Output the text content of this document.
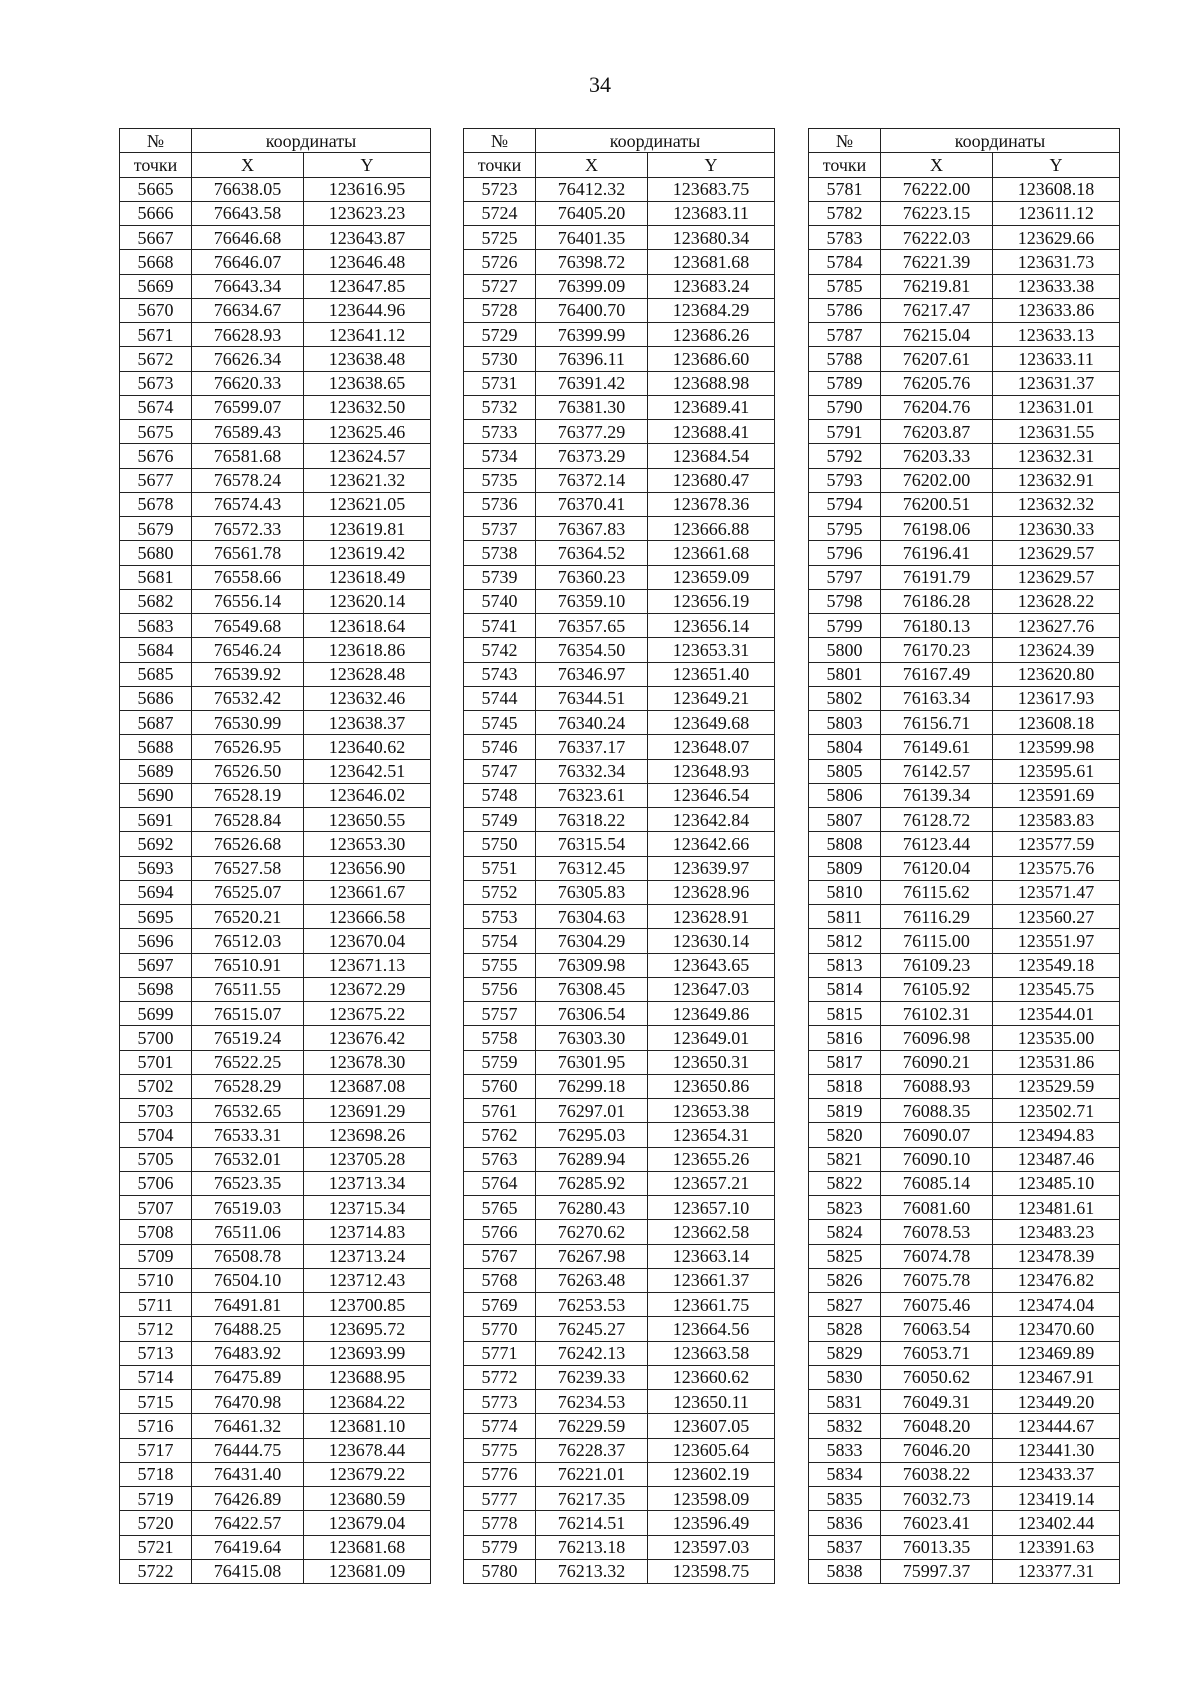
34
№	координаты	
точки	X	Y
5665	76638.05	123616.95
5666	76643.58	123623.23
5667	76646.68	123643.87
5668	76646.07	123646.48
5669	76643.34	123647.85
5670	76634.67	123644.96
5671	76628.93	123641.12
5672	76626.34	123638.48
5673	76620.33	123638.65
5674	76599.07	123632.50
5675	76589.43	123625.46
5676	76581.68	123624.57
5677	76578.24	123621.32
5678	76574.43	123621.05
5679	76572.33	123619.81
5680	76561.78	123619.42
5681	76558.66	123618.49
5682	76556.14	123620.14
5683	76549.68	123618.64
5684	76546.24	123618.86
5685	76539.92	123628.48
5686	76532.42	123632.46
5687	76530.99	123638.37
5688	76526.95	123640.62
5689	76526.50	123642.51
5690	76528.19	123646.02
5691	76528.84	123650.55
5692	76526.68	123653.30
5693	76527.58	123656.90
5694	76525.07	123661.67
5695	76520.21	123666.58
5696	76512.03	123670.04
5697	76510.91	123671.13
5698	76511.55	123672.29
5699	76515.07	123675.22
5700	76519.24	123676.42
5701	76522.25	123678.30
5702	76528.29	123687.08
5703	76532.65	123691.29
5704	76533.31	123698.26
5705	76532.01	123705.28
5706	76523.35	123713.34
5707	76519.03	123715.34
5708	76511.06	123714.83
5709	76508.78	123713.24
5710	76504.10	123712.43
5711	76491.81	123700.85
5712	76488.25	123695.72
5713	76483.92	123693.99
5714	76475.89	123688.95
5715	76470.98	123684.22
5716	76461.32	123681.10
5717	76444.75	123678.44
5718	76431.40	123679.22
5719	76426.89	123680.59
5720	76422.57	123679.04
5721	76419.64	123681.68
5722	76415.08	123681.09
№	координаты	
точки	X	Y
5723	76412.32	123683.75
5724	76405.20	123683.11
5725	76401.35	123680.34
5726	76398.72	123681.68
5727	76399.09	123683.24
5728	76400.70	123684.29
5729	76399.99	123686.26
5730	76396.11	123686.60
5731	76391.42	123688.98
5732	76381.30	123689.41
5733	76377.29	123688.41
5734	76373.29	123684.54
5735	76372.14	123680.47
5736	76370.41	123678.36
5737	76367.83	123666.88
5738	76364.52	123661.68
5739	76360.23	123659.09
5740	76359.10	123656.19
5741	76357.65	123656.14
5742	76354.50	123653.31
5743	76346.97	123651.40
5744	76344.51	123649.21
5745	76340.24	123649.68
5746	76337.17	123648.07
5747	76332.34	123648.93
5748	76323.61	123646.54
5749	76318.22	123642.84
5750	76315.54	123642.66
5751	76312.45	123639.97
5752	76305.83	123628.96
5753	76304.63	123628.91
5754	76304.29	123630.14
5755	76309.98	123643.65
5756	76308.45	123647.03
5757	76306.54	123649.86
5758	76303.30	123649.01
5759	76301.95	123650.31
5760	76299.18	123650.86
5761	76297.01	123653.38
5762	76295.03	123654.31
5763	76289.94	123655.26
5764	76285.92	123657.21
5765	76280.43	123657.10
5766	76270.62	123662.58
5767	76267.98	123663.14
5768	76263.48	123661.37
5769	76253.53	123661.75
5770	76245.27	123664.56
5771	76242.13	123663.58
5772	76239.33	123660.62
5773	76234.53	123650.11
5774	76229.59	123607.05
5775	76228.37	123605.64
5776	76221.01	123602.19
5777	76217.35	123598.09
5778	76214.51	123596.49
5779	76213.18	123597.03
5780	76213.32	123598.75
№	координаты	
точки	X	Y
5781	76222.00	123608.18
5782	76223.15	123611.12
5783	76222.03	123629.66
5784	76221.39	123631.73
5785	76219.81	123633.38
5786	76217.47	123633.86
5787	76215.04	123633.13
5788	76207.61	123633.11
5789	76205.76	123631.37
5790	76204.76	123631.01
5791	76203.87	123631.55
5792	76203.33	123632.31
5793	76202.00	123632.91
5794	76200.51	123632.32
5795	76198.06	123630.33
5796	76196.41	123629.57
5797	76191.79	123629.57
5798	76186.28	123628.22
5799	76180.13	123627.76
5800	76170.23	123624.39
5801	76167.49	123620.80
5802	76163.34	123617.93
5803	76156.71	123608.18
5804	76149.61	123599.98
5805	76142.57	123595.61
5806	76139.34	123591.69
5807	76128.72	123583.83
5808	76123.44	123577.59
5809	76120.04	123575.76
5810	76115.62	123571.47
5811	76116.29	123560.27
5812	76115.00	123551.97
5813	76109.23	123549.18
5814	76105.92	123545.75
5815	76102.31	123544.01
5816	76096.98	123535.00
5817	76090.21	123531.86
5818	76088.93	123529.59
5819	76088.35	123502.71
5820	76090.07	123494.83
5821	76090.10	123487.46
5822	76085.14	123485.10
5823	76081.60	123481.61
5824	76078.53	123483.23
5825	76074.78	123478.39
5826	76075.78	123476.82
5827	76075.46	123474.04
5828	76063.54	123470.60
5829	76053.71	123469.89
5830	76050.62	123467.91
5831	76049.31	123449.20
5832	76048.20	123444.67
5833	76046.20	123441.30
5834	76038.22	123433.37
5835	76032.73	123419.14
5836	76023.41	123402.44
5837	76013.35	123391.63
5838	75997.37	123377.31
